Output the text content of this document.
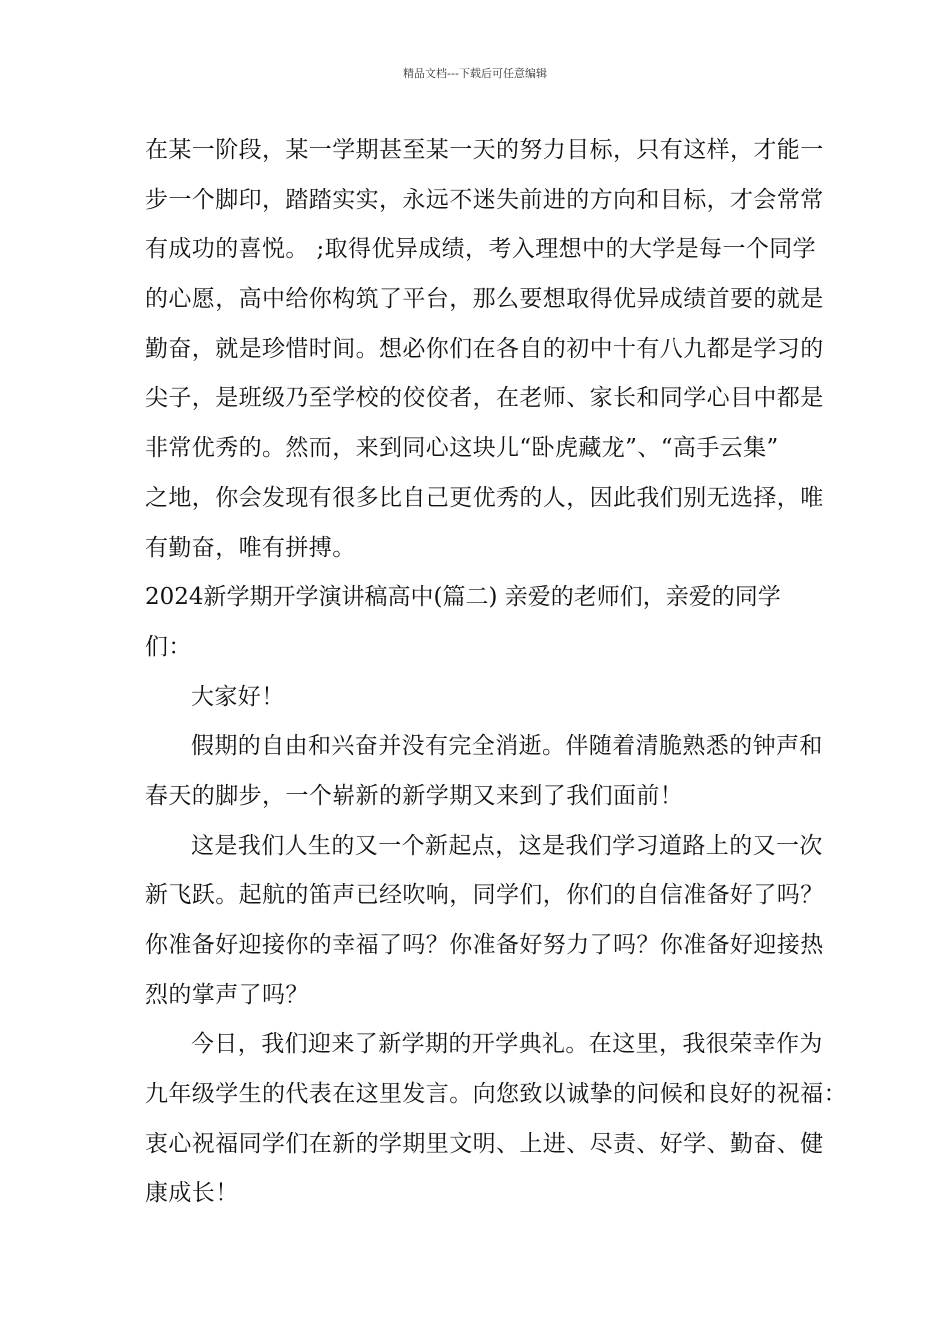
精品文档---下载后可任意编辑
在某一阶段，某一学期甚至某一天的努力目标，只有这样，才能一
步一个脚印，踏踏实实，永远不迷失前进的方向和目标，才会常常
有成功的喜悦。 ;取得优异成绩，考入理想中的大学是每一个同学
的心愿，高中给你构筑了平台，那么要想取得优异成绩首要的就是
勤奋，就是珍惜时间。想必你们在各自的初中十有八九都是学习的
尖子，是班级乃至学校的佼佼者，在老师、家长和同学心目中都是
非常优秀的。然而，来到同心这块儿“卧虎藏龙”、“高手云集”
之地，你会发现有很多比自己更优秀的人，因此我们别无选择，唯
有勤奋，唯有拼搏。
2024新学期开学演讲稿高中(篇二) 亲爱的老师们，亲爱的同学
们：
大家好！
假期的自由和兴奋并没有完全消逝。伴随着清脆熟悉的钟声和
春天的脚步，一个崭新的新学期又来到了我们面前！
这是我们人生的又一个新起点，这是我们学习道路上的又一次
新飞跃。起航的笛声已经吹响，同学们，你们的自信准备好了吗？
你准备好迎接你的幸福了吗？你准备好努力了吗？你准备好迎接热
烈的掌声了吗？
今日，我们迎来了新学期的开学典礼。在这里，我很荣幸作为
九年级学生的代表在这里发言。向您致以诚挚的问候和良好的祝福：
衷心祝福同学们在新的学期里文明、上进、尽责、好学、勤奋、健
康成长！
